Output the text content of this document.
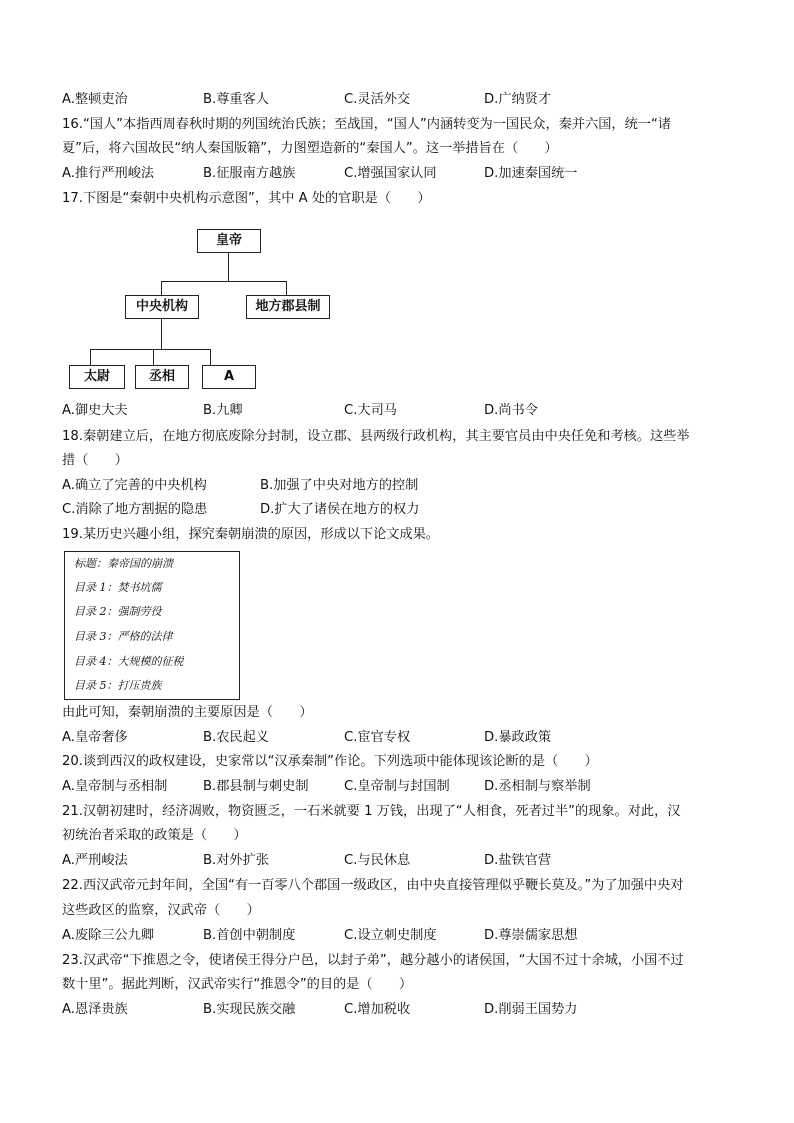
A.整顿吏治	B.尊重客人	C.灵活外交	D.广纳贤才
16.“国人”本指西周春秋时期的列国统治氏族；至战国，“国人”内涵转变为一国民众，秦并六国，统一“诸
夏”后，将六国故民“纳人秦国版籍”，力图塑造新的“秦国人”。这一举措旨在（　　）
A.推行严刑峻法	B.征服南方越族	C.增强国家认同	D.加速秦国统一
17.下图是“秦朝中央机构示意图”，其中 A 处的官职是（　　）
皇帝
中央机构	地方郡县制
太尉	丞相	A
A.御史大夫	B.九卿	C.大司马	D.尚书令
18.秦朝建立后，在地方彻底废除分封制，设立郡、县两级行政机构，其主要官员由中央任免和考核。这些举
措（　　）
A.确立了完善的中央机构	B.加强了中央对地方的控制
C.消除了地方割据的隐患	D.扩大了诸侯在地方的权力
19.某历史兴趣小组，探究秦朝崩溃的原因，形成以下论文成果。
标题：秦帝国的崩溃
目录 1：焚书坑儒
目录 2：强制劳役
目录 3：严格的法律
目录 4：大规模的征税
目录 5：打压贵族
由此可知，秦朝崩溃的主要原因是（　　）
A.皇帝奢侈	B.农民起义	C.宦官专权	D.暴政政策
20.谈到西汉的政权建设，史家常以“汉承秦制”作论。下列选项中能体现该论断的是（　　）
A.皇帝制与丞相制	B.郡县制与刺史制	C.皇帝制与封国制	D.丞相制与察举制
21.汉朝初建时，经济凋败，物资匮乏，一石米就要 1 万钱，出现了“人相食，死者过半”的现象。对此，汉
初统治者采取的政策是（　　）
A.严刑峻法	B.对外扩张	C.与民休息	D.盐铁官营
22.西汉武帝元封年间，全国“有一百零八个郡国一级政区，由中央直接管理似乎鞭长莫及。”为了加强中央对
这些政区的监察，汉武帝（　　）
A.废除三公九卿	B.首创中朝制度	C.设立刺史制度	D.尊崇儒家思想
23.汉武帝“下推恩之令，使诸侯王得分户邑，以封子弟”，越分越小的诸侯国，“大国不过十余城，小国不过
数十里”。据此判断，汉武帝实行“推恩令”的目的是（　　）
A.恩泽贵族	B.实现民族交融	C.增加税收	D.削弱王国势力
